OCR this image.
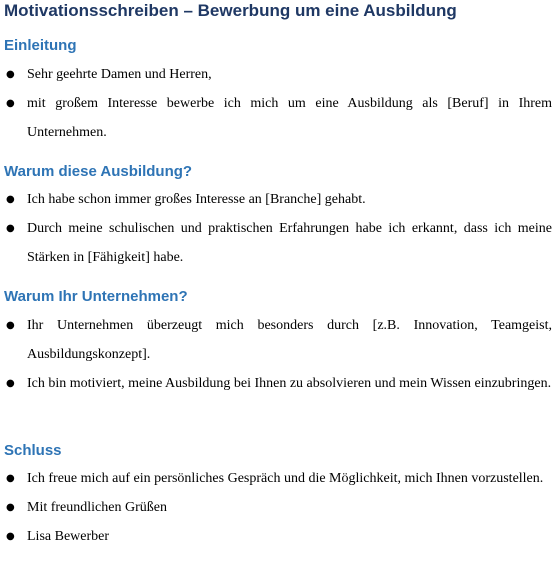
Motivationsschreiben – Bewerbung um eine Ausbildung
Einleitung
● Sehr geehrte Damen und Herren,
● mit großem Interesse bewerbe ich mich um eine Ausbildung als [Beruf] in Ihrem Unternehmen.
Warum diese Ausbildung?
● Ich habe schon immer großes Interesse an [Branche] gehabt.
● Durch meine schulischen und praktischen Erfahrungen habe ich erkannt, dass ich meine Stärken in [Fähigkeit] habe.
Warum Ihr Unternehmen?
● Ihr Unternehmen überzeugt mich besonders durch [z.B. Innovation, Teamgeist, Ausbildungskonzept].
● Ich bin motiviert, meine Ausbildung bei Ihnen zu absolvieren und mein Wissen einzubringen.
Schluss
● Ich freue mich auf ein persönliches Gespräch und die Möglichkeit, mich Ihnen vorzustellen.
● Mit freundlichen Grüßen
● Lisa Bewerber
